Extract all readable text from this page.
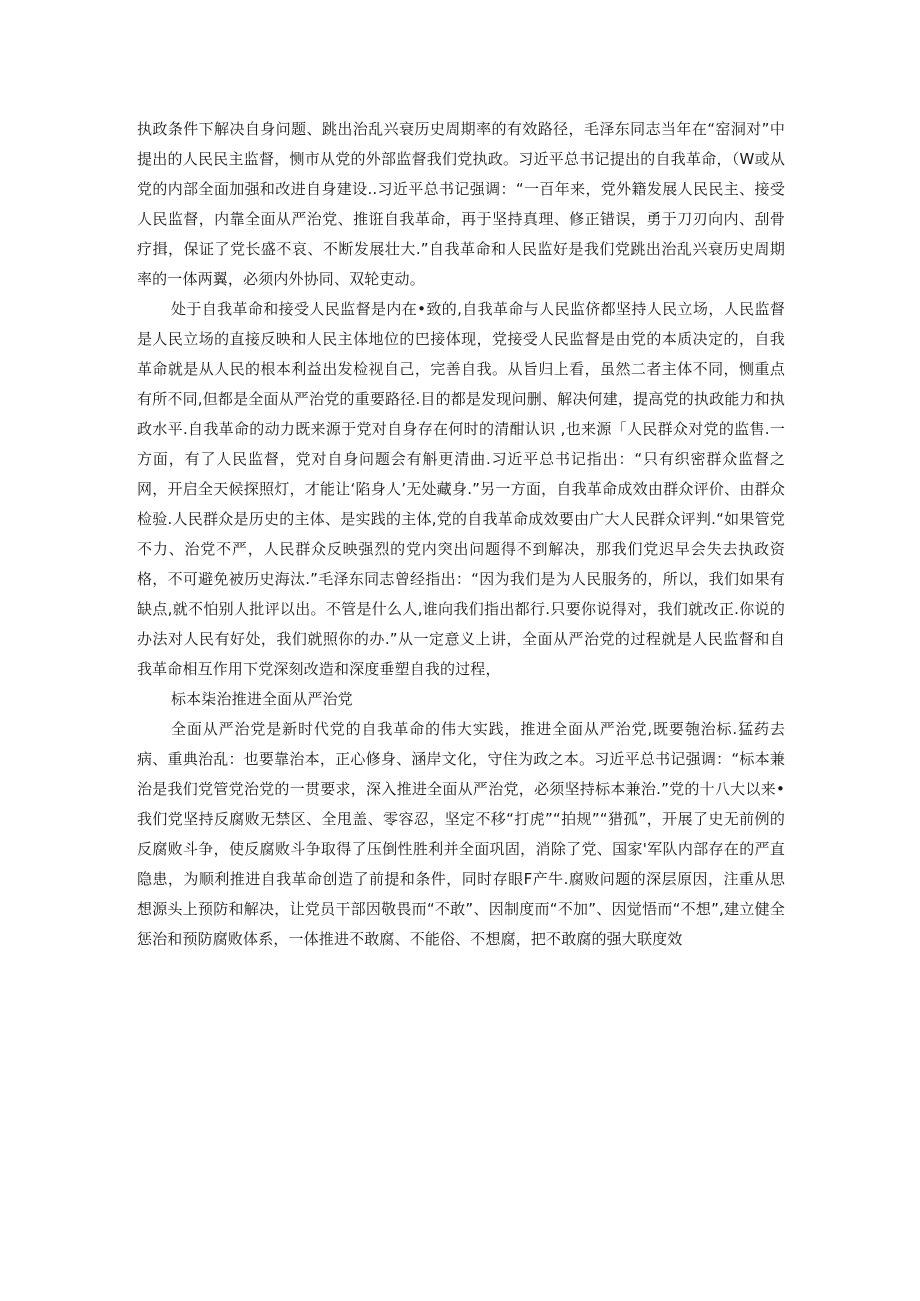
执政条件下解决自身问题、跳出治乱兴衰历史周期率的有效路径，毛泽东同志当年在“窑洞对”中提出的人民民主监督，恻市从党的外部监督我们党执政。习近平总书记提出的自我革命，（W或从党的内部全面加强和改进自身建设..习近平总书记强调：“一百年来，党外籍发展人民民主、接受人民监督，内靠全面从严治党、推诳自我革命，再于坚持真理、修正错误，勇于刀刃向内、刮骨疗揖，保证了党长盛不哀、不断发展壮大.”自我革命和人民监好是我们党跳出治乱兴衰历史周期率的一体两翼，必须内外协同、双轮吏动。

处于自我革命和接受人民监督是内在•致的,自我革命与人民监侪都坚持人民立场，人民监督是人民立场的直接反映和人民主体地位的巴接体现，党接受人民监督是由党的本质决定的，自我革命就是从人民的根本利益出发检视自己，完善自我。从旨归上看，虽然二者主体不同，恻重点有所不同,但都是全面从严治党的重要路径.目的都是发现问删、解决何建，提高党的执政能力和执政水平.自我革命的动力既来源于党对自身存在何时的清酣认识 ,也来源「人民群众对党的监售.一方面，有了人民监督，党对自身问题会有斛更清曲.习近平总书记指出：“只有织密群众监督之网，开启全天候探照灯，才能让‘陷身人’无处藏身.”另一方面，自我革命成效由群众评价、由群众检验.人民群众是历史的主体、是实践的主体,党的自我革命成效要由广大人民群众评判.“如果管党不力、治党不严，人民群众反映强烈的党内突出问题得不到解决，那我们党迟早会失去执政资格，不可避免被历史海汰.”毛泽东同志曾经指出：“因为我们是为人民服务的，所以，我们如果有缺点,就不怕别人批评以出。不管是什么人,谁向我们指出都行.只要你说得对，我们就改正.你说的办法对人民有好处，我们就照你的办.”从一定意义上讲，全面从严治党的过程就是人民监督和自我革命相互作用下党深刻改造和深度垂塑自我的过程，

标本柒治推进全面从严治党

全面从严治党是新时代党的自我革命的伟大实践，推进全面从严治党,既要匏治标.猛药去病、重典治乱：也要靠治本，正心修身、涵岸文化，守住为政之本。习近平总书记强调：“标本兼治是我们党管党治党的一贯要求，深入推进全面从严治党，必须坚持标本兼治.”党的十八大以来•我们党坚持反腐败无禁区、全甩盖、零容忍，坚定不移“打虎”“拍规”“猎孤”，开展了史无前例的反腐败斗争，使反腐败斗争取得了压倒性胜利并全面巩固，消除了党、国家'军队内部存在的严直隐患，为顺利推进自我革命创造了前提和条件，同时存眼F产牛.腐败问题的深层原因，注重从思想源头上预防和解决，让党员干部因敬畏而“不敢”、因制度而“不加”、因觉悟而“不想”,建立健全惩治和预防腐败体系，一体推进不敢腐、不能俗、不想腐，把不敢腐的强大联度效
